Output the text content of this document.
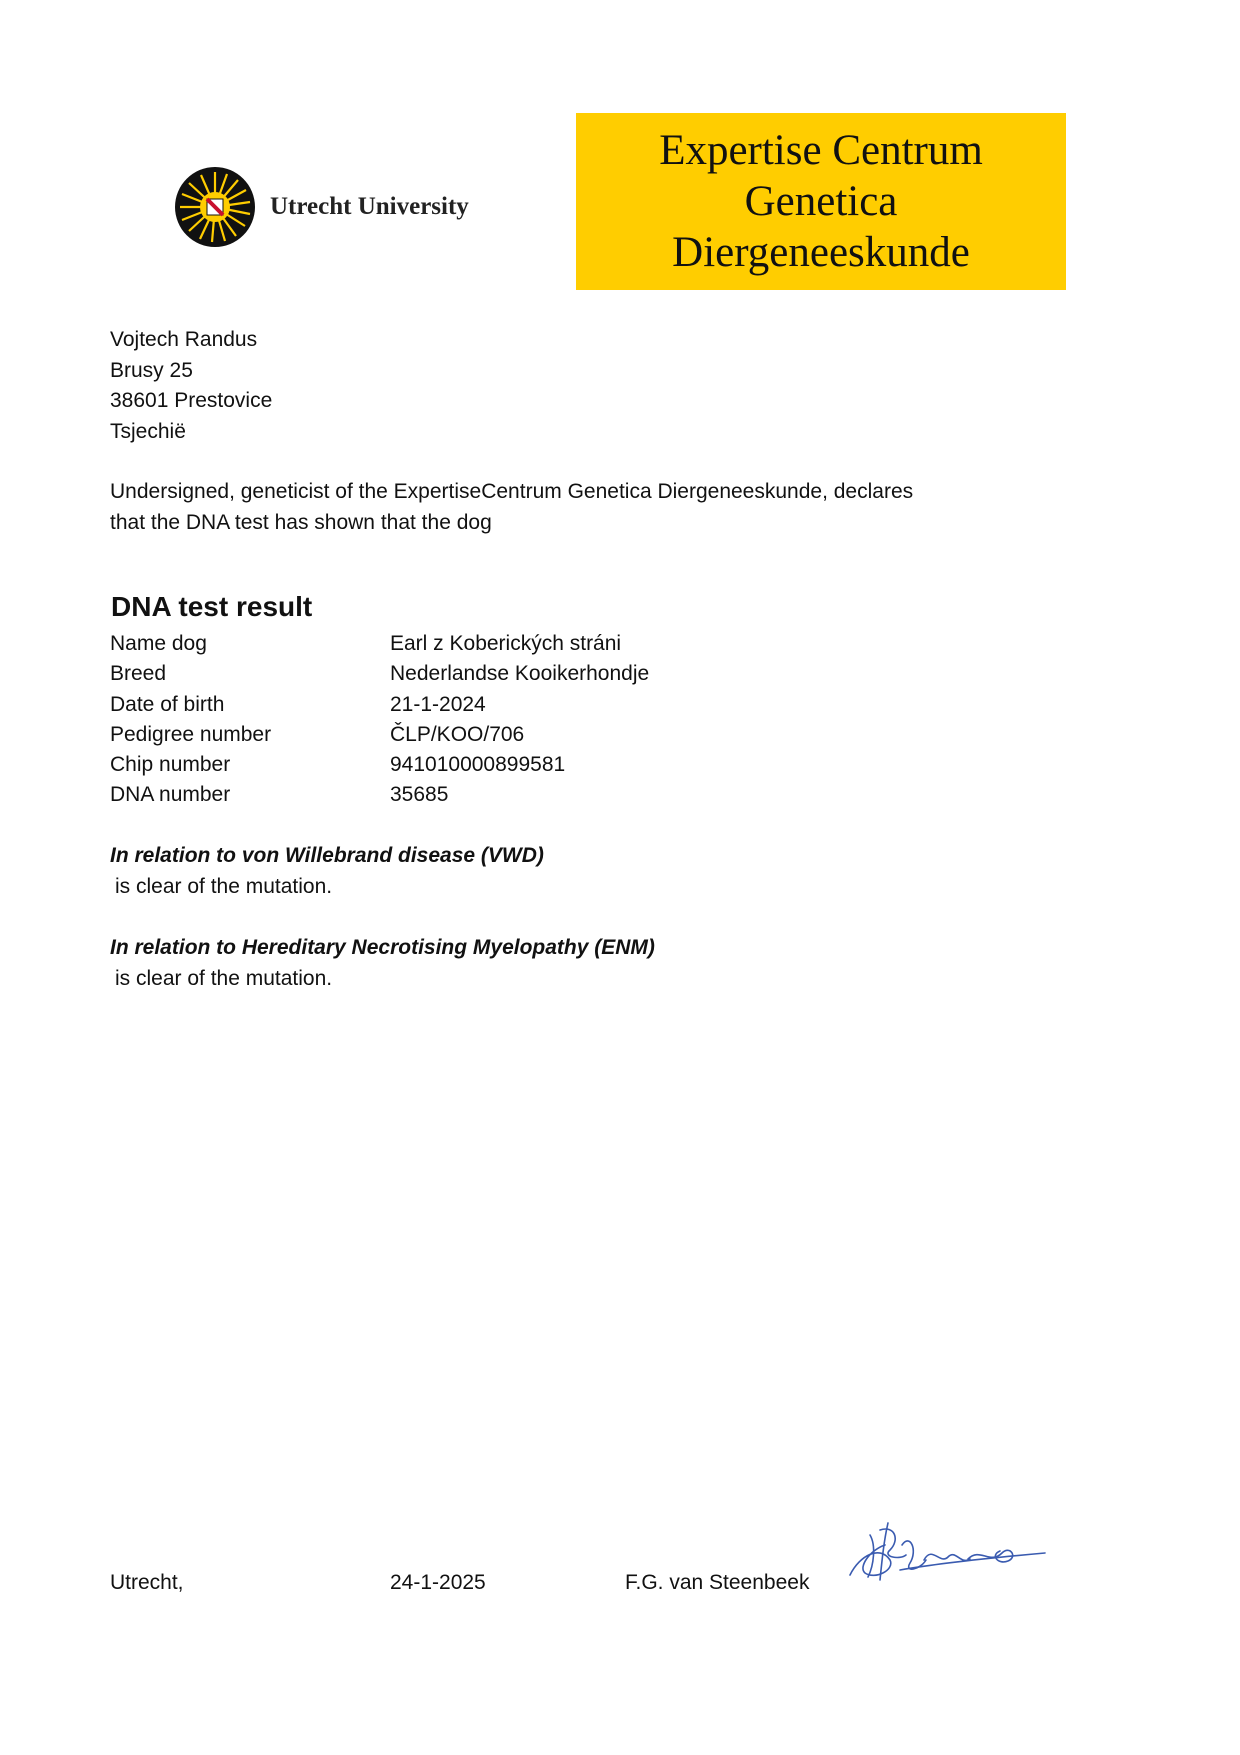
Utrecht University
Expertise Centrum
Genetica
Diergeneeskunde
Vojtech Randus
Brusy 25
38601 Prestovice
Tsjechië
Undersigned, geneticist of the ExpertiseCentrum Genetica Diergeneeskunde, declares
that the DNA test has shown that the dog
DNA test result
Name dog	Earl z Koberických stráni
Breed	Nederlandse Kooikerhondje
Date of birth	21-1-2024
Pedigree number	ČLP/KOO/706
Chip number	941010000899581
DNA number	35685
In relation to von Willebrand disease (VWD)
is clear of the mutation.
In relation to Hereditary Necrotising Myelopathy (ENM)
is clear of the mutation.
Utrecht,	24-1-2025	F.G. van Steenbeek
